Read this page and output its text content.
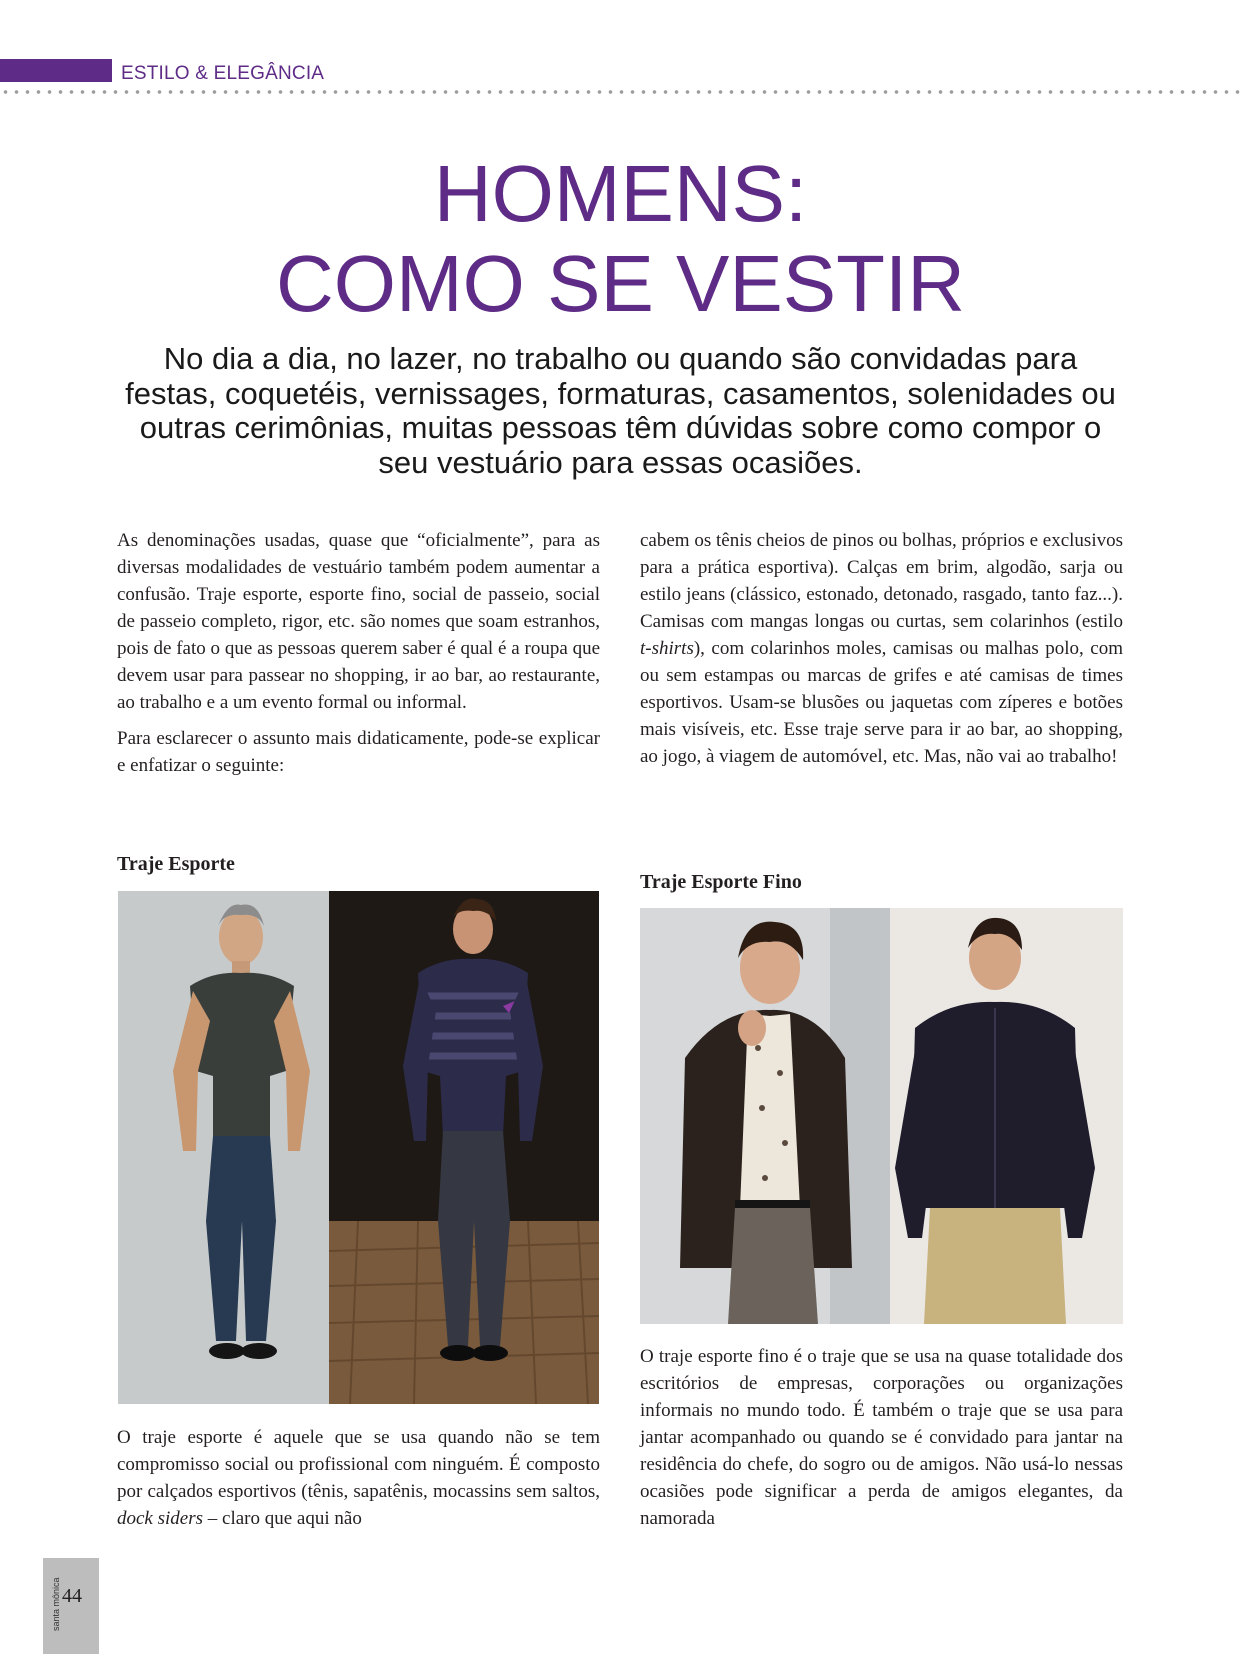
ESTILO & ELEGÂNCIA
HOMENS:
COMO SE VESTIR
No dia a dia, no lazer, no trabalho ou quando são convidadas para festas, coquetéis, vernissages, formaturas, casamentos, solenidades ou outras cerimônias, muitas pessoas têm dúvidas sobre como compor o seu vestuário para essas ocasiões.

As denominações usadas, quase que “oficialmente”, para as diversas modalidades de vestuário também podem aumentar a confusão. Traje esporte, esporte fino, social de passeio, social de passeio completo, rigor, etc. são nomes que soam estranhos, pois de fato o que as pessoas querem saber é qual é a roupa que devem usar para passear no shopping, ir ao bar, ao restaurante, ao trabalho e a um evento formal ou informal.

Para esclarecer o assunto mais didaticamente, pode-se explicar e enfatizar o seguinte:

cabem os tênis cheios de pinos ou bolhas, próprios e exclusivos para a prática esportiva). Calças em brim, algodão, sarja ou estilo jeans (clássico, estonado, detonado, rasgado, tanto faz...). Camisas com mangas longas ou curtas, sem colarinhos (estilo t-shirts), com colarinhos moles, camisas ou malhas polo, com ou sem estampas ou marcas de grifes e até camisas de times esportivos. Usam-se blusões ou jaquetas com zíperes e botões mais visíveis, etc. Esse traje serve para ir ao bar, ao shopping, ao jogo, à viagem de automóvel, etc. Mas, não vai ao trabalho!

Traje Esporte

O traje esporte é aquele que se usa quando não se tem compromisso social ou profissional com ninguém. É composto por calçados esportivos (tênis, sapatênis, mocassins sem saltos, dock siders – claro que aqui não

Traje Esporte Fino

O traje esporte fino é o traje que se usa na quase totalidade dos escritórios de empresas, corporações ou organizações informais no mundo todo. É também o traje que se usa para jantar acompanhado ou quando se é convidado para jantar na residência do chefe, do sogro ou de amigos. Não usá-lo nessas ocasiões pode significar a perda de amigos elegantes, da namorada

santa mônica 44
